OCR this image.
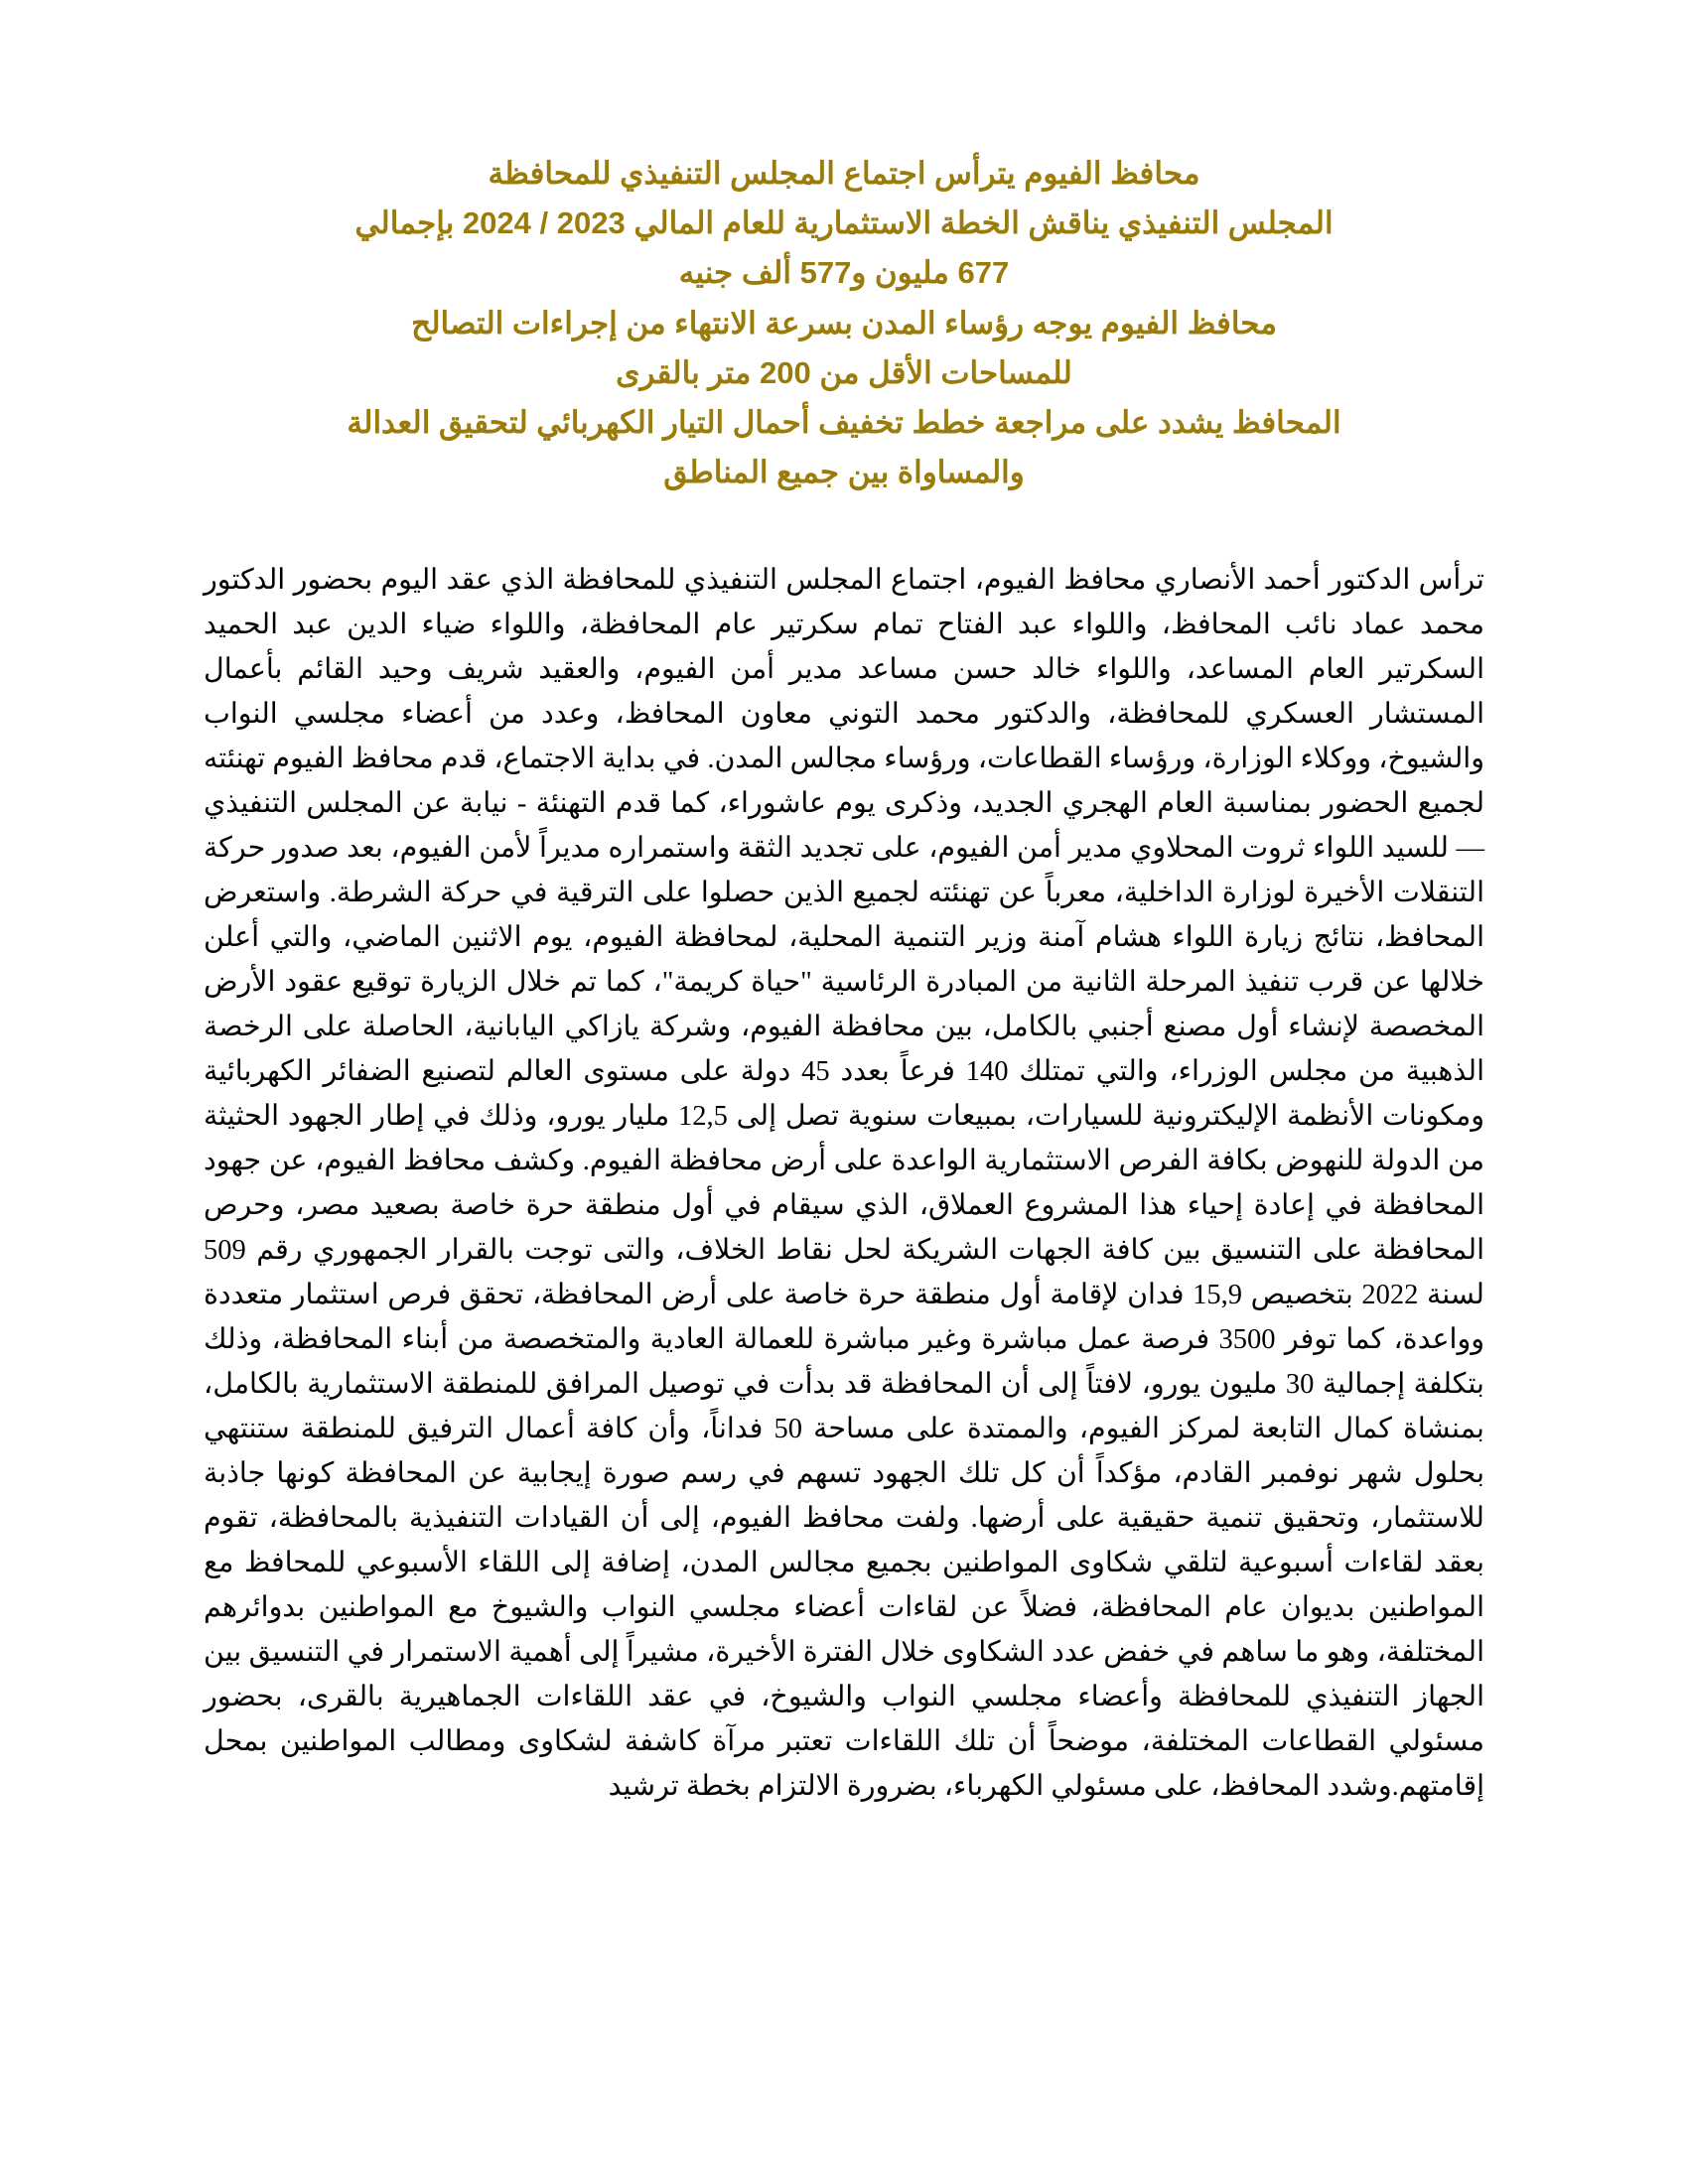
محافظ الفيوم يترأس اجتماع المجلس التنفيذي للمحافظة
المجلس التنفيذي يناقش الخطة الاستثمارية للعام المالي 2023 / 2024 بإجمالي
677 مليون و577 ألف جنيه
محافظ الفيوم يوجه رؤساء المدن بسرعة الانتهاء من إجراءات التصالح
للمساحات الأقل من 200 متر بالقرى
المحافظ يشدد على مراجعة خطط تخفيف أحمال التيار الكهربائي لتحقيق العدالة
والمساواة بين جميع المناطق

ترأس الدكتور أحمد الأنصاري محافظ الفيوم، اجتماع المجلس التنفيذي للمحافظة الذي عقد اليوم بحضور الدكتور محمد عماد نائب المحافظ، واللواء عبد الفتاح تمام سكرتير عام المحافظة، واللواء ضياء الدين عبد الحميد السكرتير العام المساعد، واللواء خالد حسن مساعد مدير أمن الفيوم، والعقيد شريف وحيد القائم بأعمال المستشار العسكري للمحافظة، والدكتور محمد التوني معاون المحافظ، وعدد من أعضاء مجلسي النواب والشيوخ، ووكلاء الوزارة، ورؤساء القطاعات، ورؤساء مجالس المدن. في بداية الاجتماع، قدم محافظ الفيوم تهنئته لجميع الحضور بمناسبة العام الهجري الجديد، وذكرى يوم عاشوراء، كما قدم التهنئة - نيابة عن المجلس التنفيذي — للسيد اللواء ثروت المحلاوي مدير أمن الفيوم، على تجديد الثقة واستمراره مديراً لأمن الفيوم، بعد صدور حركة التنقلات الأخيرة لوزارة الداخلية، معرباً عن تهنئته لجميع الذين حصلوا على الترقية في حركة الشرطة. واستعرض المحافظ، نتائج زيارة اللواء هشام آمنة وزير التنمية المحلية، لمحافظة الفيوم، يوم الاثنين الماضي، والتي أعلن خلالها عن قرب تنفيذ المرحلة الثانية من المبادرة الرئاسية "حياة كريمة"، كما تم خلال الزيارة توقيع عقود الأرض المخصصة لإنشاء أول مصنع أجنبي بالكامل، بين محافظة الفيوم، وشركة يازاكي اليابانية، الحاصلة على الرخصة الذهبية من مجلس الوزراء، والتي تمتلك 140 فرعاً بعدد 45 دولة على مستوى العالم لتصنيع الضفائر الكهربائية ومكونات الأنظمة الإليكترونية للسيارات، بمبيعات سنوية تصل إلى 12,5 مليار يورو، وذلك في إطار الجهود الحثيثة من الدولة للنهوض بكافة الفرص الاستثمارية الواعدة على أرض محافظة الفيوم. وكشف محافظ الفيوم، عن جهود المحافظة في إعادة إحياء هذا المشروع العملاق، الذي سيقام في أول منطقة حرة خاصة بصعيد مصر، وحرص المحافظة على التنسيق بين كافة الجهات الشريكة لحل نقاط الخلاف، والتى توجت بالقرار الجمهوري رقم 509 لسنة 2022 بتخصيص 15,9 فدان لإقامة أول منطقة حرة خاصة على أرض المحافظة، تحقق فرص استثمار متعددة وواعدة، كما توفر 3500 فرصة عمل مباشرة وغير مباشرة للعمالة العادية والمتخصصة من أبناء المحافظة، وذلك بتكلفة إجمالية 30 مليون يورو، لافتاً إلى أن المحافظة قد بدأت في توصيل المرافق للمنطقة الاستثمارية بالكامل، بمنشاة كمال التابعة لمركز الفيوم، والممتدة على مساحة 50 فداناً، وأن كافة أعمال الترفيق للمنطقة ستنتهي بحلول شهر نوفمبر القادم، مؤكداً أن كل تلك الجهود تسهم في رسم صورة إيجابية عن المحافظة كونها جاذبة للاستثمار، وتحقيق تنمية حقيقية على أرضها. ولفت محافظ الفيوم، إلى أن القيادات التنفيذية بالمحافظة، تقوم بعقد لقاءات أسبوعية لتلقي شكاوى المواطنين بجميع مجالس المدن، إضافة إلى اللقاء الأسبوعي للمحافظ مع المواطنين بديوان عام المحافظة، فضلاً عن لقاءات أعضاء مجلسي النواب والشيوخ مع المواطنين بدوائرهم المختلفة، وهو ما ساهم في خفض عدد الشكاوى خلال الفترة الأخيرة، مشيراً إلى أهمية الاستمرار في التنسيق بين الجهاز التنفيذي للمحافظة وأعضاء مجلسي النواب والشيوخ، في عقد اللقاءات الجماهيرية بالقرى، بحضور مسئولي القطاعات المختلفة، موضحاً أن تلك اللقاءات تعتبر مرآة كاشفة لشكاوى ومطالب المواطنين بمحل إقامتهم.وشدد المحافظ، على مسئولي الكهرباء، بضرورة الالتزام بخطة ترشيد
